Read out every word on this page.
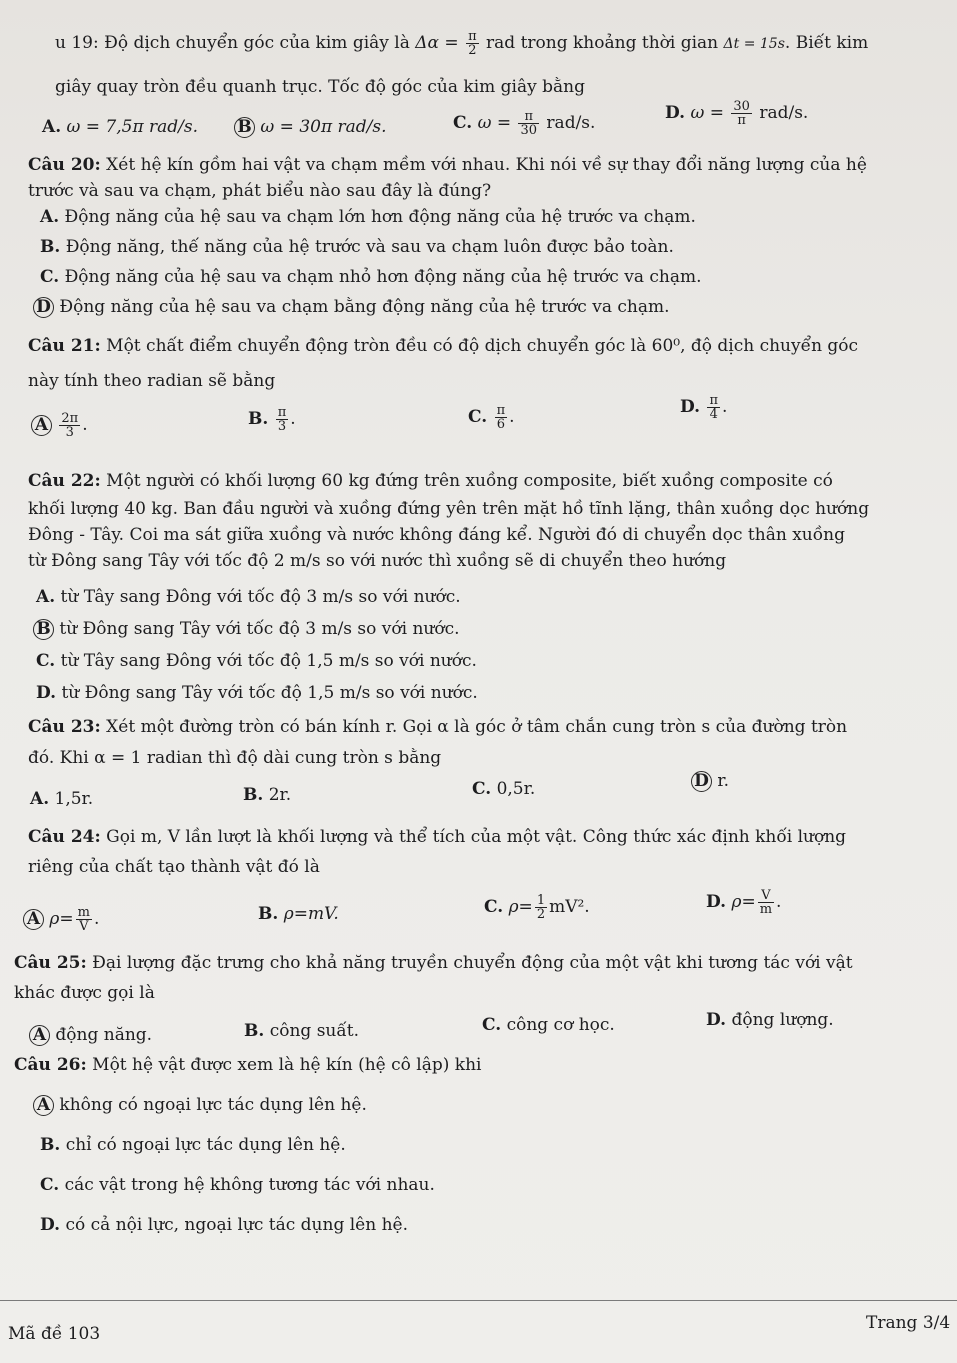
u 19: Độ dịch chuyển góc của kim giây là $\Delta\alpha = \frac{\pi}{2}$ rad trong khoảng thời gian Δt = 15s. Biết kim
giây quay tròn đều quanh trục. Tốc độ góc của kim giây bằng
A. ω = 7,5π rad/s. B ω = 30π rad/s.	C. $\omega = \frac{\pi}{30} rad/s$.	D. $\omega = \frac{30}{\pi} rad/s$.
Câu 20: Xét hệ kín gồm hai vật va chạm mềm với nhau. Khi nói về sự thay đổi năng lượng của hệ
trước và sau va chạm, phát biểu nào sau đây là đúng?
A. Động năng của hệ sau va chạm lớn hơn động năng của hệ trước va chạm.
B. Động năng, thế năng của hệ trước và sau va chạm luôn được bảo toàn.
C. Động năng của hệ sau va chạm nhỏ hơn động năng của hệ trước va chạm.
D Động năng của hệ sau va chạm bằng động năng của hệ trước va chạm.
Câu 21: Một chất điểm chuyển động tròn đều có độ dịch chuyển góc là 60⁰, độ dịch chuyển góc
này tính theo radian sẽ bằng
A $\frac{2\pi}{3}$ .	B. $\frac{\pi}{3}$ .	C. $\frac{\pi}{6}$ .	D. $\frac{\pi}{4}$ .
Câu 22: Một người có khối lượng 60 kg đứng trên xuồng composite, biết xuồng composite có
khối lượng 40 kg. Ban đầu người và xuồng đứng yên trên mặt hồ tĩnh lặng, thân xuồng dọc hướng
Đông - Tây. Coi ma sát giữa xuồng và nước không đáng kể. Người đó di chuyển dọc thân xuồng
từ Đông sang Tây với tốc độ 2 m/s so với nước thì xuồng sẽ di chuyển theo hướng
A. từ Tây sang Đông với tốc độ 3 m/s so với nước.
B từ Đông sang Tây với tốc độ 3 m/s so với nước.
C. từ Tây sang Đông với tốc độ 1,5 m/s so với nước.
D. từ Đông sang Tây với tốc độ 1,5 m/s so với nước.
Câu 23: Xét một đường tròn có bán kính r. Gọi α là góc ở tâm chắn cung tròn s của đường tròn
đó. Khi α = 1 radian thì độ dài cung tròn s bằng
A. 1,5r.	B. 2r.	C. 0,5r.	D r.
Câu 24: Gọi m, V lần lượt là khối lượng và thể tích của một vật. Công thức xác định khối lượng
riêng của chất tạo thành vật đó là
A $\rho= \frac{m}{V}$ .	B. ρ=mV.	C. $\rho= \frac{1}{2} mV^2$.	D. $\rho= \frac{V}{m}$ .
Câu 25: Đại lượng đặc trưng cho khả năng truyền chuyển động của một vật khi tương tác với vật
khác được gọi là
A động năng.	B. công suất.	C. công cơ học.	D. động lượng.
Câu 26: Một hệ vật được xem là hệ kín (hệ cô lập) khi
A không có ngoại lực tác dụng lên hệ.
B. chỉ có ngoại lực tác dụng lên hệ.
C. các vật trong hệ không tương tác với nhau.
D. có cả nội lực, ngoại lực tác dụng lên hệ.
Mã đề 103
Trang 3/4
